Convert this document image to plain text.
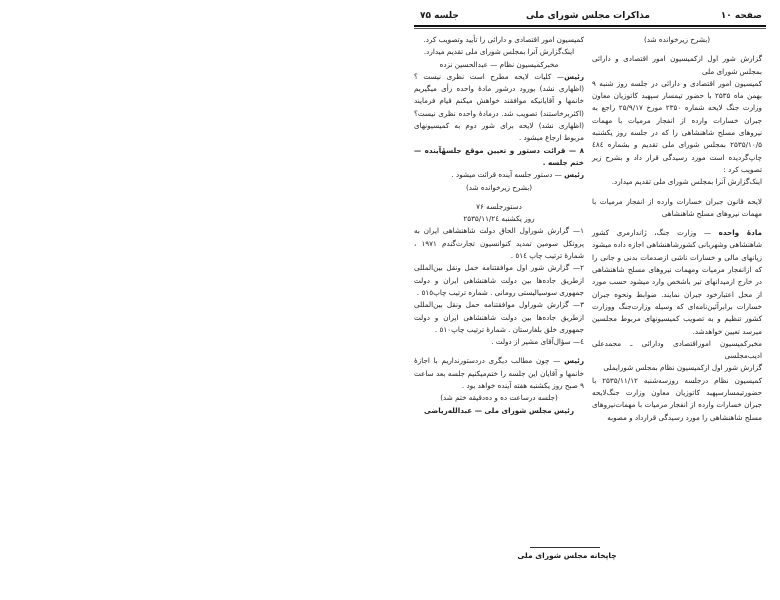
صفحه ۱۰
مذاکرات مجلس شورای ملی
جلسه ۷۵
(بشرح زیرخوانده شد)
گزارش شور اول ازکمیسیون امور اقتصادی و دارائی بمجلس شورای ملی
کمیسیون امور اقتصادی و دارائی در جلسه روز شنبه ۹ بهمن ماه ۲۵۳۵ با حضور تیمسار سپهبد کاتوزیان معاون وزارت جنگ لایحه شماره ۲۳۵۰ مورخ ۲۵/۹/۱۷ راجع به جبران خسارات وارده از انفجار مرمیات با مهمات نیروهای مسلح شاهنشاهی را که در جلسه روز یکشنبه ۲۵۳۵/۱۰/۵ بمجلس شورای ملی تقدیم و بشماره ٤٨٤ چاپ‌گردیده است مورد رسیدگی قرار داد و بشرح زیر تصویب کرد :
اینک‌گزارش آنرا بمجلس شورای ملی تقدیم میدارد.
لایحه قانون جبران خسارات وارده از انفجار مرمیات با مهمات نیروهای مسلح شاهنشاهی
مادهٔ واحده — وزارت جنگ، ژاندارمری کشور شاهنشاهی وشهربانی کشورشاهنشاهی اجازه داده میشود زیانهای مالی و خسارات ناشی ازصدمات بدنی و جانی را که ازانفجار مرمیات ومهمات نیروهای مسلح شاهنشاهی در خارج ازمیدانهای تیر باشخص وارد میشود حسب مورد از محل اعتبارخود جبران نمایند. ضوابط ونحوه جبران خسارات برابرآئین‌نامه‌ای که وسیله وزارت‌جنگ ووزارت کشور تنظیم و به تصویب کمیسیونهای مربوط مجلسین میرسد تعیین خواهدشد.
مخبرکمیسیون اموراقتصادی ودارائی ـ محمدعلی ادیب‌مجلسی
گزارش شور اول ازکمیسیون نظام بمجلس شورایملی
کمیسیون نظام درجلسه روزسه‌شنبه ۲۵۳۵/۱۱/۱۲ با حضورتیمسارسپهبد کاتوزیان معاون وزارت جنگ‌لایحه جبران خسارات وارده از انفجار مرمیات با مهمات‌نیروهای مسلح شاهنشاهی را مورد رسیدگی قرارداد و مصوبه
کمیسیون امور اقتصادی و دارائی را تأیید وتصویب کرد.
اینک‌گزارش آنرا بمجلس شورای ملی تقدیم میدارد.
مخبرکمیسیون نظام — عبدالحسین نزده
رئیس— کلیات لایحه مطرح است نظری نیست ؟ (اظهاری نشد) بورود درشور مادهٔ واحده رأی میگیریم خانمها و آقایانیکه موافقند خواهش میکنم قیام فرمایند (اکثربرخاستند) تصویب شد. درمادهٔ واحده نظری نیست؟ (اظهاری نشد) لایحه برای شور دوم به کمیسیونهای مربوط ارجاع میشود .
۸ — قرائت دستور و تعیین موقع جلسهٔآینده — ختم جلسه .
رئیس — دستور جلسه آینده قرائت میشود .
(بشرح زیرخوانده شد)
دستورجلسه ۷۶
روز یکشنبه ۲۵۳۵/۱۱/۲٤
۱— گزارش شوراول الحاق دولت شاهنشاهی ایران به پروتکل سومین تمدید کنوانسیون تجارت‌گندم ۱۹۷۱ ، شمارهٔ ترتیب چاپ ٥١٤ .
۲— گزارش شور اول موافقتنامه حمل ونقل بین‌المللی ازطریق جاده‌ها بین دولت شاهنشاهی ایران و دولت جمهوری سوسیالیستی رومانی . شماره ترتیب چاپ٥١٥ .
۳— گزارش شوراول موافقتنامه حمل ونقل بین‌المللی ازطریق جاده‌ها بین دولت شاهنشاهی ایران و دولت جمهوری خلق بلغارستان . شمارهٔ ترتیب چاپ٥١٠ .
٤— سؤال‌آقای مشیر از دولت .
رئیس — چون مطالب دیگری دردستورنداریم با اجازهٔ خانمها و آقایان این جلسه را ختم‌میکنیم جلسه بعد ساعت ۹ صبح روز یکشنبه هفته آینده خواهد بود .
(جلسه درساعت ده و ده‌دقیقه ختم شد)
رئیس مجلس شورای ملی — عبدالله‌ریاضی
چاپخانه مجلس شورای ملی
